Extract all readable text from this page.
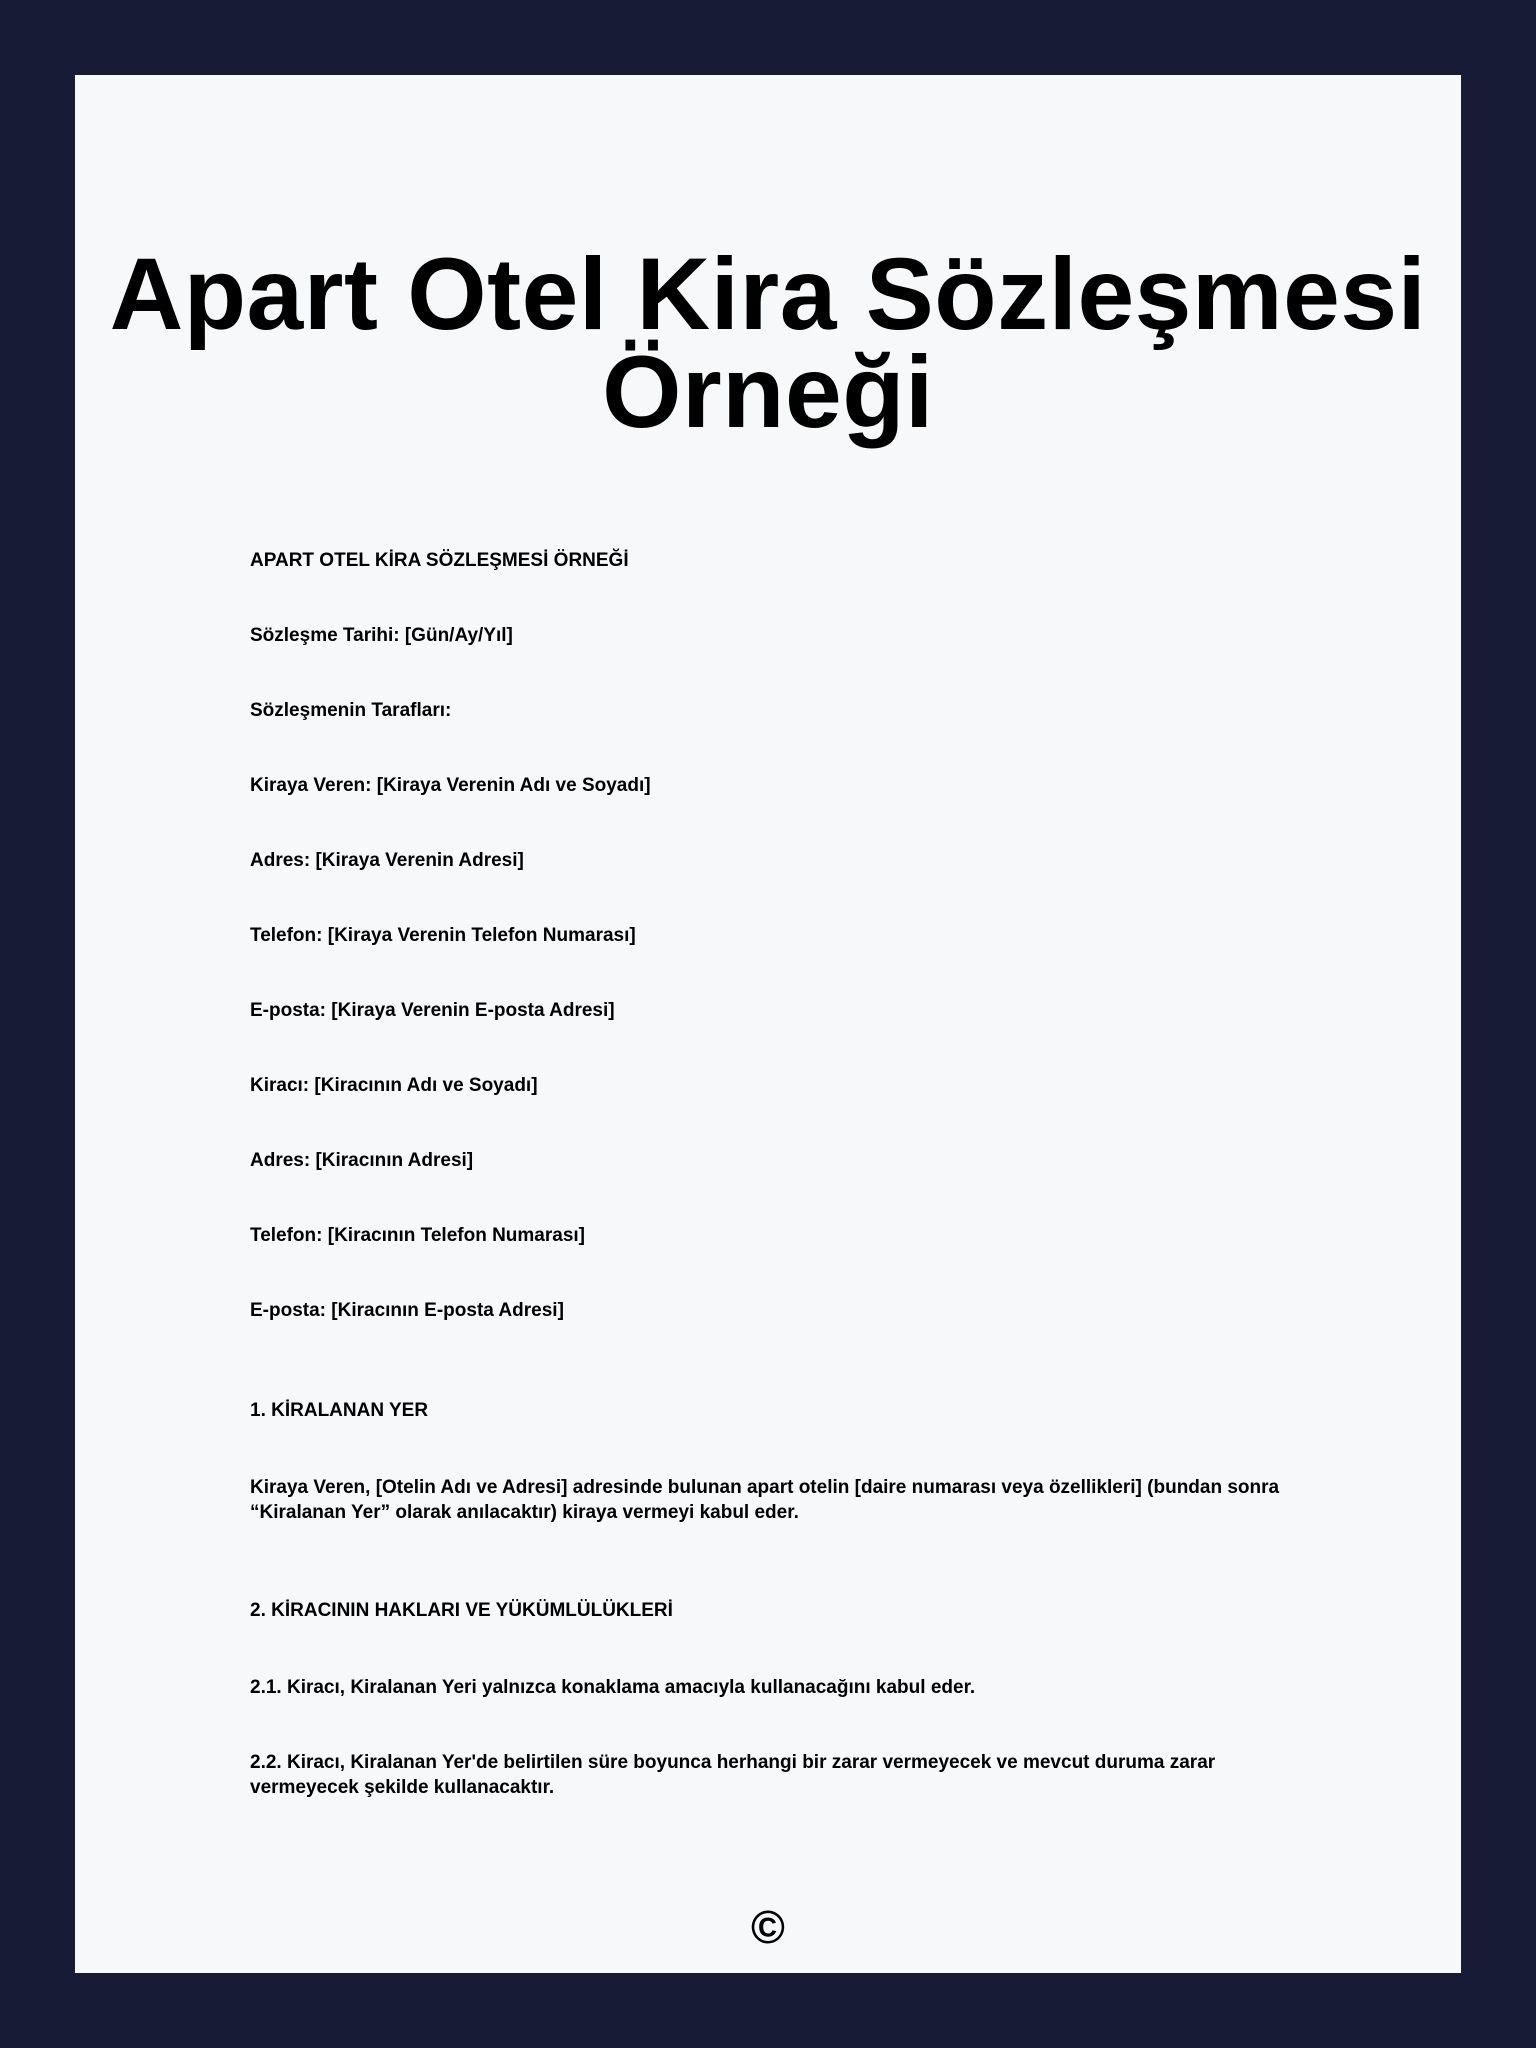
Apart Otel Kira Sözleşmesi Örneği

APART OTEL KİRA SÖZLEŞMESİ ÖRNEĞİ

Sözleşme Tarihi: [Gün/Ay/Yıl]

Sözleşmenin Tarafları:

Kiraya Veren: [Kiraya Verenin Adı ve Soyadı]

Adres: [Kiraya Verenin Adresi]

Telefon: [Kiraya Verenin Telefon Numarası]

E-posta: [Kiraya Verenin E-posta Adresi]

Kiracı: [Kiracının Adı ve Soyadı]

Adres: [Kiracının Adresi]

Telefon: [Kiracının Telefon Numarası]

E-posta: [Kiracının E-posta Adresi]

1. KİRALANAN YER

Kiraya Veren, [Otelin Adı ve Adresi] adresinde bulunan apart otelin [daire numarası veya özellikleri] (bundan sonra “Kiralanan Yer” olarak anılacaktır) kiraya vermeyi kabul eder.

2. KİRACININ HAKLARI VE YÜKÜMLÜLÜKLERİ

2.1. Kiracı, Kiralanan Yeri yalnızca konaklama amacıyla kullanacağını kabul eder.

2.2. Kiracı, Kiralanan Yer'de belirtilen süre boyunca herhangi bir zarar vermeyecek ve mevcut duruma zarar vermeyecek şekilde kullanacaktır.

©
